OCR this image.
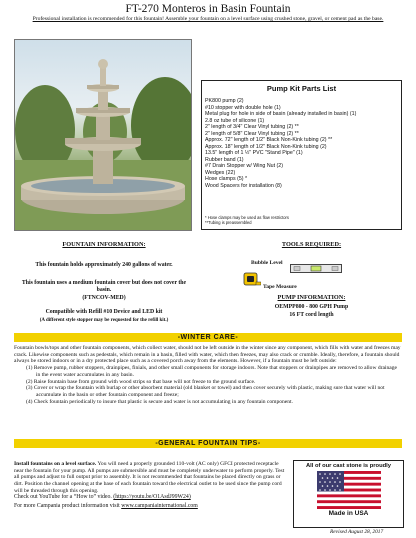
FT-270 Monteros in Basin Fountain
Professional installation is recommended for this fountain! Assemble your fountain on a level surface using crushed stone, gravel, or cement pad as the base.
Pump Kit Parts List
PK800 pump (2)
#10 stopper with double hole (1)
Metal plug for hole in side of basin (already installed in basin) (1)
2.8 oz tube of silicone (1)
2" length of 3/4" Clear Vinyl tubing (2) **
2" length of 5/8" Clear Vinyl tubing (2) **
Approx. 72" length of 1/2" Black Non-Kink tubing (2) **
Approx. 18" length of 1/2" Black Non-Kink tubing (2)
13.5" length of 1 ½" PVC "Stand Pipe" (1)
Rubber band (1)
#7 Drain Stopper w/ Wing Nut (2)
Wedges (22)
Hose clamps (5) *
Wood Spacers for installation (8)
* Hose clamps may be used as flow restrictors
**Tubing is preassembled
FOUNTAIN INFORMATION:
This fountain holds approximately 240 gallons of water.
This fountain uses a medium fountain cover but does not cover the basin.
(FTNCOV-MED)
Compatible with Refill #10 Device and LED kit
(A different style stopper may be requested for the refill kit.)
TOOLS REQUIRED:
Bubble Level
Tape Measure
PUMP INFORMATION:
OEMPP800 - 800 GPH Pump
16 FT cord length
-WINTER CARE-

Fountain bowls/tops and other fountain components, which collect water, should not be left outside in the winter since any component, which fills with water and freezes may crack. Likewise components such as pedestals, which remain in a basin, filled with water, which then freezes, may also crack or crumble. Ideally, therefore, a fountain should always be stored indoors or in a dry protected place such as a covered porch away from the elements. However, if a fountain must be left outside:

(1) Remove pump, rubber stoppers, drainpipes, finials, and other small components for storage indoors. Note that stoppers or drainpipes are removed to allow drainage in the event water accumulates in any basin.

(2) Raise fountain base from ground with wood strips so that base will not freeze to the ground surface.

(3) Cover or wrap the fountain with burlap or other absorbent material (old blanket or towel) and then cover securely with plastic, making sure that water will not accumulate in the basin or other fountain component and freeze;

(4) Check fountain periodically to insure that plastic is secure and water is not accumulating in any fountain component.

-GENERAL FOUNTAIN TIPS-

Install fountains on a level surface. You will need a properly grounded 110-volt (AC only) GFCI protected receptacle near the fountain for your pump. All pumps are submersible and must be completely underwater to perform properly. Test all pumps and adjust to full output prior to assembly. It is not recommended that fountains be placed directly on grass or dirt. Position the channel opening at the base of each fountain toward the electrical outlet to be used since the pump cord will be threaded through this opening.

All of our cast stone is proudly
Made in USA
Check out YouTube for a “How to” video. (https://youtu.be/O1AsdJ99W24)
For more Campania product information visit www.campaniainternational.com
Revised August 28, 2017
